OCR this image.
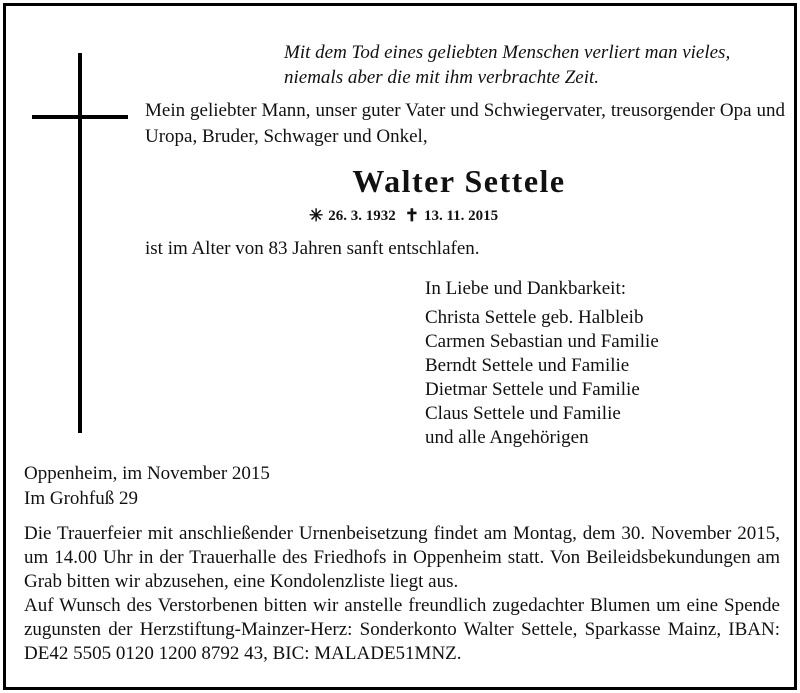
Mit dem Tod eines geliebten Menschen verliert man vieles,
niemals aber die mit ihm verbrachte Zeit.
Mein geliebter Mann, unser guter Vater und Schwiegervater, treusorgender Opa und Uropa, Bruder, Schwager und Onkel,
Walter Settele
✳ 26. 3. 1932 ✝ 13. 11. 2015
ist im Alter von 83 Jahren sanft entschlafen.
In Liebe und Dankbarkeit:
Christa Settele geb. Halbleib
Carmen Sebastian und Familie
Berndt Settele und Familie
Dietmar Settele und Familie
Claus Settele und Familie
und alle Angehörigen
Oppenheim, im November 2015
Im Grohfuß 29

Die Trauerfeier mit anschließender Urnenbeisetzung findet am Montag, dem 30. November 2015, um 14.00 Uhr in der Trauerhalle des Friedhofs in Oppenheim statt. Von Beileidsbekundungen am Grab bitten wir abzusehen, eine Kondolenzliste liegt aus.

Auf Wunsch des Verstorbenen bitten wir anstelle freundlich zugedachter Blumen um eine Spende zugunsten der Herzstiftung-Mainzer-Herz: Sonderkonto Walter Settele, Sparkasse Mainz, IBAN: DE42 5505 0120 1200 8792 43, BIC: MALADE51MNZ.
